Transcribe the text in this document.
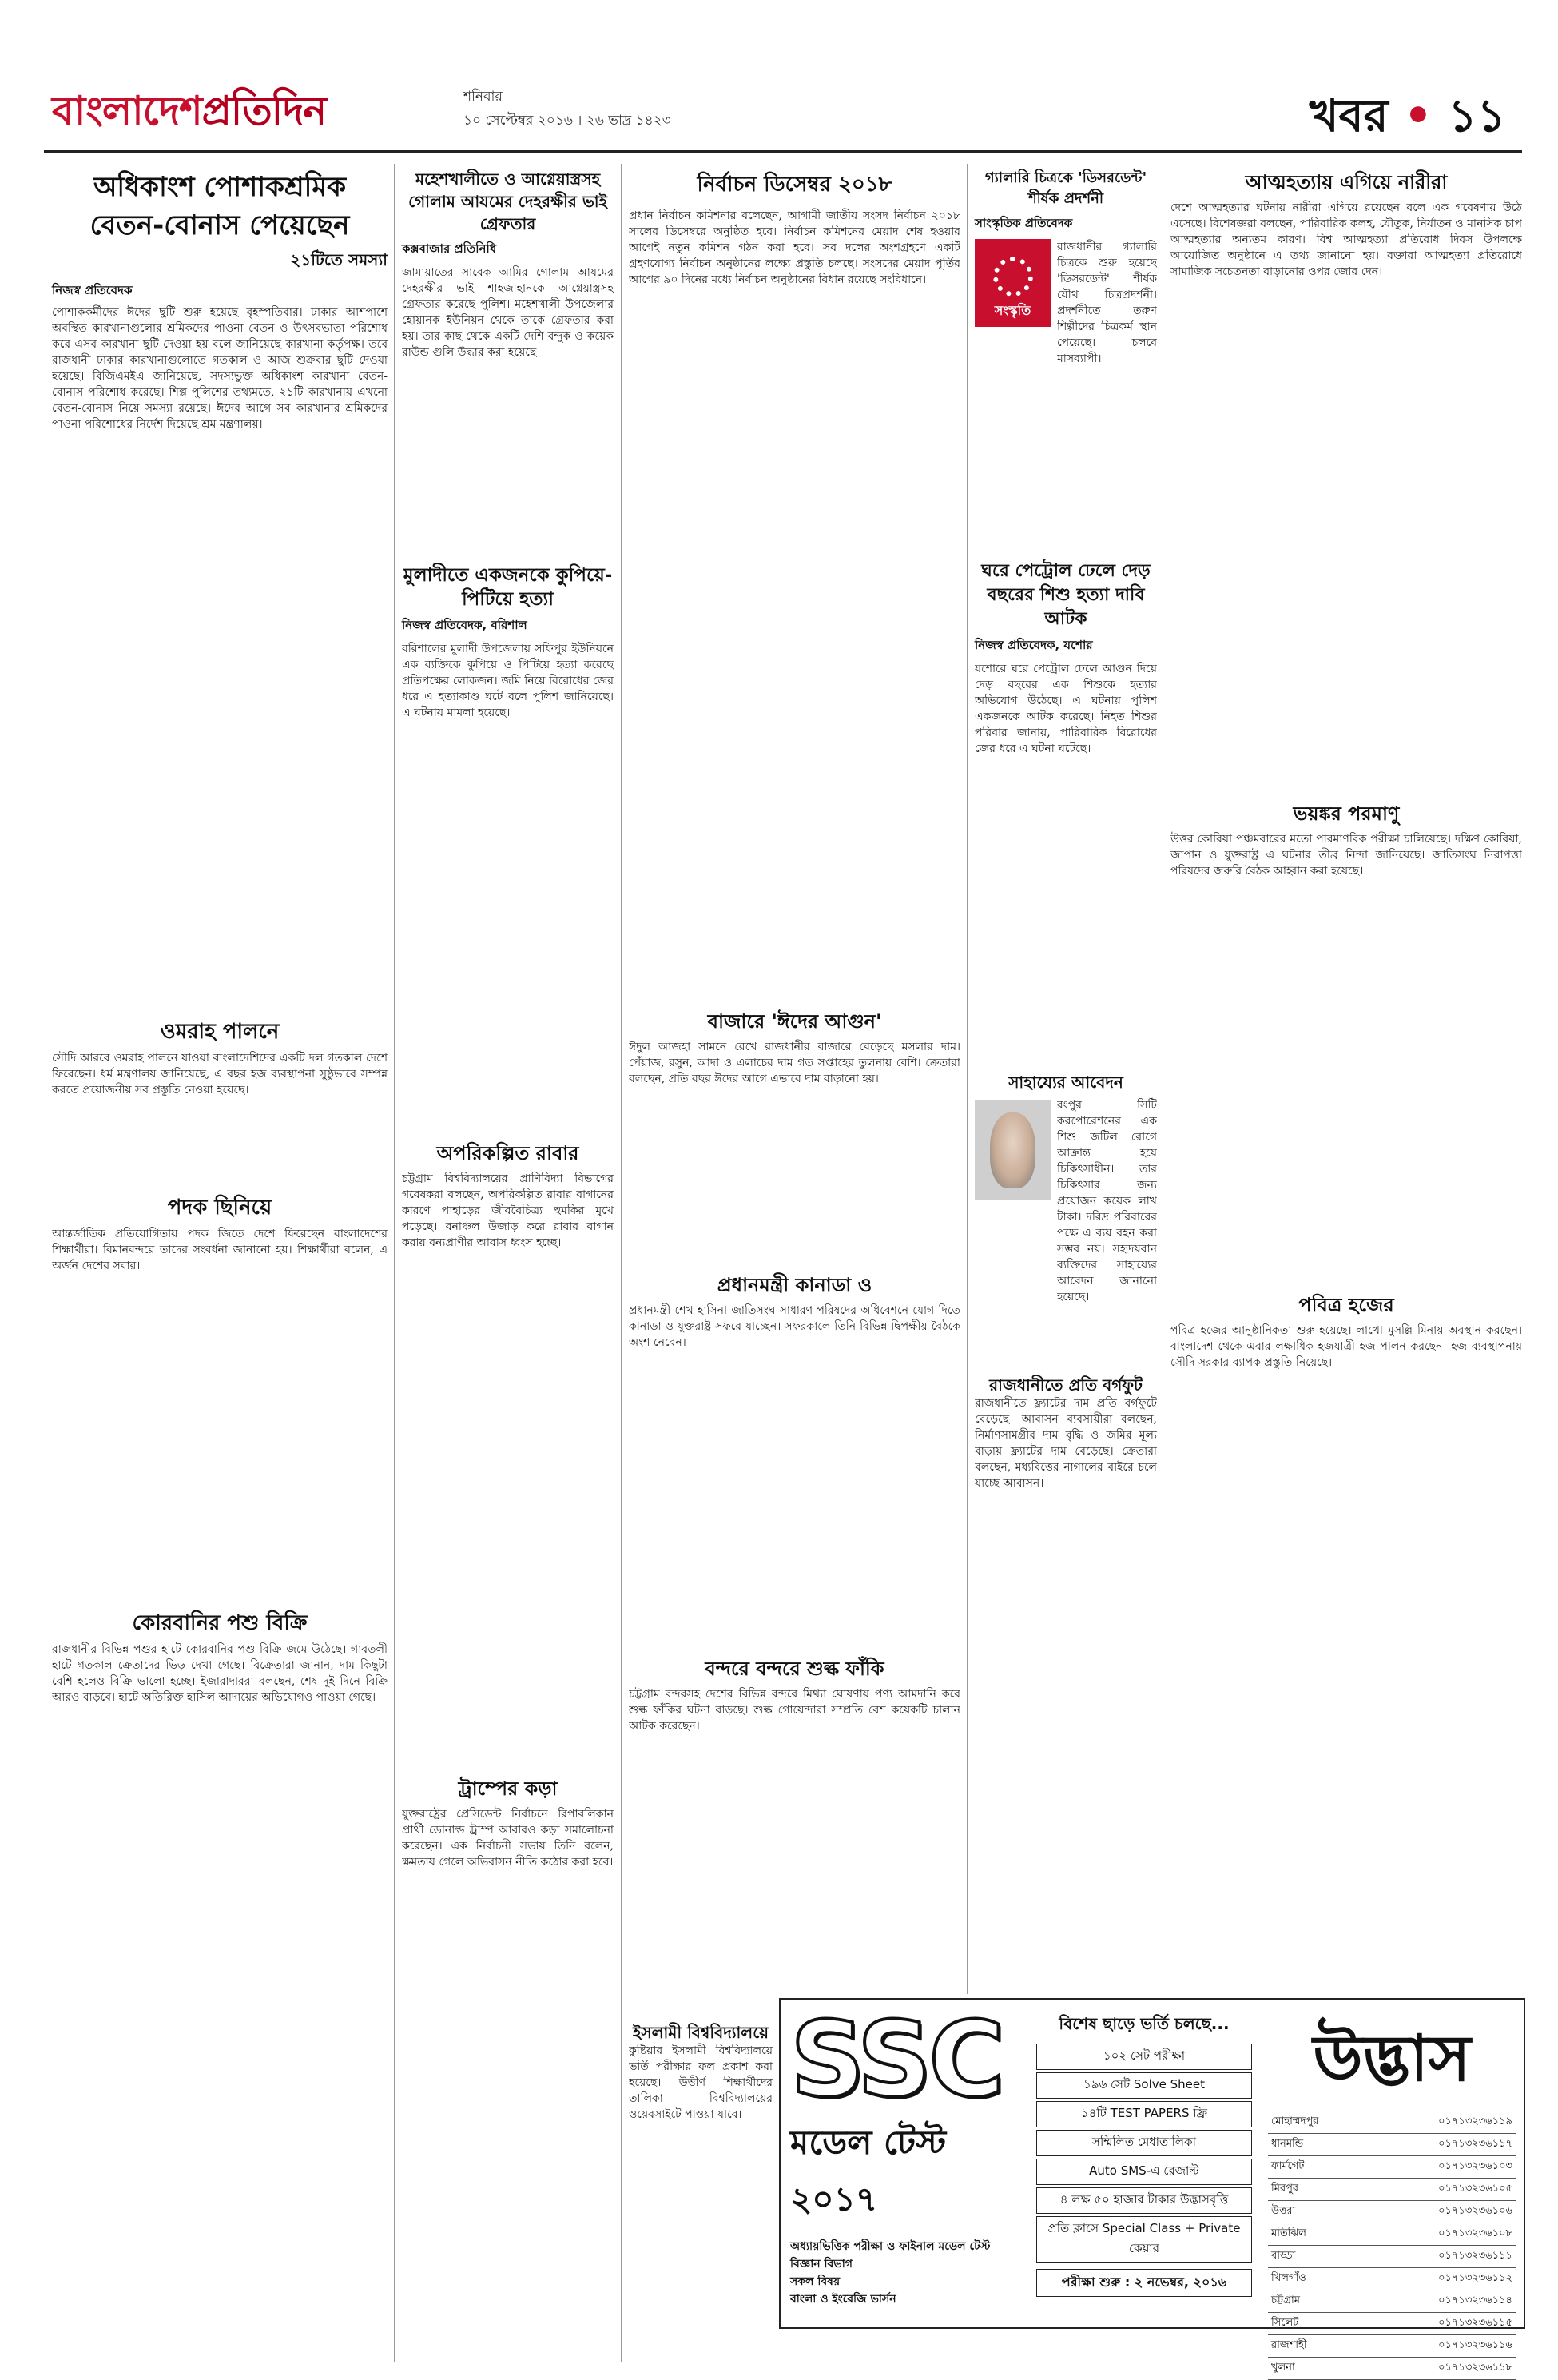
বাংলাদেশপ্রতিদিন	শনিবার
১০ সেপ্টেম্বর ২০১৬ । ২৬ ভাদ্র ১৪২৩	খবর • ১১
অধিকাংশ পোশাকশ্রমিক
বেতন-বোনাস পেয়েছেন
২১টিতে সমস্যা
নিজস্ব প্রতিবেদক
পোশাককর্মীদের ঈদের ছুটি শুরু হয়েছে বৃহস্পতিবার। ঢাকার আশপাশে অবস্থিত কারখানাগুলোর শ্রমিকদের পাওনা বেতন ও উৎসবভাতা পরিশোধ করে এসব কারখানা ছুটি দেওয়া হয় বলে জানিয়েছে কারখানা কর্তৃপক্ষ। তবে রাজধানী ঢাকার কারখানাগুলোতে গতকাল ও আজ শুক্রবার ছুটি দেওয়া হয়েছে। বিজিএমইএ জানিয়েছে, সদস্যভুক্ত অধিকাংশ কারখানা বেতন-বোনাস পরিশোধ করেছে। শিল্প পুলিশের তথ্যমতে, ২১টি কারখানায় এখনো বেতন-বোনাস নিয়ে সমস্যা রয়েছে। ঈদের আগে সব কারখানার শ্রমিকদের পাওনা পরিশোধের নির্দেশ দিয়েছে শ্রম মন্ত্রণালয়।
ওমরাহ পালনে
সৌদি আরবে ওমরাহ পালনে যাওয়া বাংলাদেশিদের একটি দল গতকাল দেশে ফিরেছেন। ধর্ম মন্ত্রণালয় জানিয়েছে, এ বছর হজ ব্যবস্থাপনা সুষ্ঠুভাবে সম্পন্ন করতে প্রয়োজনীয় সব প্রস্তুতি নেওয়া হয়েছে।
পদক ছিনিয়ে
আন্তর্জাতিক প্রতিযোগিতায় পদক জিতে দেশে ফিরেছেন বাংলাদেশের শিক্ষার্থীরা। বিমানবন্দরে তাদের সংবর্ধনা জানানো হয়। শিক্ষার্থীরা বলেন, এ অর্জন দেশের সবার।
কোরবানির পশু বিক্রি
রাজধানীর বিভিন্ন পশুর হাটে কোরবানির পশু বিক্রি জমে উঠেছে। গাবতলী হাটে গতকাল ক্রেতাদের ভিড় দেখা গেছে। বিক্রেতারা জানান, দাম কিছুটা বেশি হলেও বিক্রি ভালো হচ্ছে। ইজারাদাররা বলছেন, শেষ দুই দিনে বিক্রি আরও বাড়বে। হাটে অতিরিক্ত হাসিল আদায়ের অভিযোগও পাওয়া গেছে।
মহেশখালীতে ও আগ্নেয়াস্ত্রসহ গোলাম আযমের দেহরক্ষীর ভাই গ্রেফতার
কক্সবাজার প্রতিনিধি
জামায়াতের সাবেক আমির গোলাম আযমের দেহরক্ষীর ভাই শাহজাহানকে আগ্নেয়াস্ত্রসহ গ্রেফতার করেছে পুলিশ। মহেশখালী উপজেলার হোয়ানক ইউনিয়ন থেকে তাকে গ্রেফতার করা হয়। তার কাছ থেকে একটি দেশি বন্দুক ও কয়েক রাউন্ড গুলি উদ্ধার করা হয়েছে।
মুলাদীতে একজনকে কুপিয়ে-পিটিয়ে হত্যা
নিজস্ব প্রতিবেদক, বরিশাল
বরিশালের মুলাদী উপজেলায় সফিপুর ইউনিয়নে এক ব্যক্তিকে কুপিয়ে ও পিটিয়ে হত্যা করেছে প্রতিপক্ষের লোকজন। জমি নিয়ে বিরোধের জের ধরে এ হত্যাকাণ্ড ঘটে বলে পুলিশ জানিয়েছে। এ ঘটনায় মামলা হয়েছে।
অপরিকল্পিত রাবার
চট্টগ্রাম বিশ্ববিদ্যালয়ের প্রাণিবিদ্যা বিভাগের গবেষকরা বলছেন, অপরিকল্পিত রাবার বাগানের কারণে পাহাড়ের জীববৈচিত্র্য হুমকির মুখে পড়েছে। বনাঞ্চল উজাড় করে রাবার বাগান করায় বন্যপ্রাণীর আবাস ধ্বংস হচ্ছে।
ট্রাম্পের কড়া
যুক্তরাষ্ট্রের প্রেসিডেন্ট নির্বাচনে রিপাবলিকান প্রার্থী ডোনাল্ড ট্রাম্প আবারও কড়া সমালোচনা করেছেন। এক নির্বাচনী সভায় তিনি বলেন, ক্ষমতায় গেলে অভিবাসন নীতি কঠোর করা হবে।
নির্বাচন ডিসেম্বর ২০১৮
প্রধান নির্বাচন কমিশনার বলেছেন, আগামী জাতীয় সংসদ নির্বাচন ২০১৮ সালের ডিসেম্বরে অনুষ্ঠিত হবে। নির্বাচন কমিশনের মেয়াদ শেষ হওয়ার আগেই নতুন কমিশন গঠন করা হবে। সব দলের অংশগ্রহণে একটি গ্রহণযোগ্য নির্বাচন অনুষ্ঠানের লক্ষ্যে প্রস্তুতি চলছে। সংসদের মেয়াদ পূর্তির আগের ৯০ দিনের মধ্যে নির্বাচন অনুষ্ঠানের বিধান রয়েছে সংবিধানে।
বাজারে 'ঈদের আগুন'
ঈদুল আজহা সামনে রেখে রাজধানীর বাজারে বেড়েছে মসলার দাম। পেঁয়াজ, রসুন, আদা ও এলাচের দাম গত সপ্তাহের তুলনায় বেশি। ক্রেতারা বলছেন, প্রতি বছর ঈদের আগে এভাবে দাম বাড়ানো হয়।
প্রধানমন্ত্রী কানাডা ও
প্রধানমন্ত্রী শেখ হাসিনা জাতিসংঘ সাধারণ পরিষদের অধিবেশনে যোগ দিতে কানাডা ও যুক্তরাষ্ট্র সফরে যাচ্ছেন। সফরকালে তিনি বিভিন্ন দ্বিপক্ষীয় বৈঠকে অংশ নেবেন।
বন্দরে বন্দরে শুল্ক ফাঁকি
চট্টগ্রাম বন্দরসহ দেশের বিভিন্ন বন্দরে মিথ্যা ঘোষণায় পণ্য আমদানি করে শুল্ক ফাঁকির ঘটনা বাড়ছে। শুল্ক গোয়েন্দারা সম্প্রতি বেশ কয়েকটি চালান আটক করেছেন।
ইসলামী বিশ্ববিদ্যালয়ে
কুষ্টিয়ার ইসলামী বিশ্ববিদ্যালয়ে ভর্তি পরীক্ষার ফল প্রকাশ করা হয়েছে। উত্তীর্ণ শিক্ষার্থীদের তালিকা বিশ্ববিদ্যালয়ের ওয়েবসাইটে পাওয়া যাবে।
গ্যালারি চিত্রকে 'ডিসরডেন্ট' শীর্ষক প্রদর্শনী
সাংস্কৃতিক প্রতিবেদক
সংস্কৃতি
রাজধানীর গ্যালারি চিত্রকে শুরু হয়েছে 'ডিসরডেন্ট' শীর্ষক যৌথ চিত্রপ্রদর্শনী। প্রদর্শনীতে তরুণ শিল্পীদের চিত্রকর্ম স্থান পেয়েছে। চলবে মাসব্যাপী।
ঘরে পেট্রোল ঢেলে দেড় বছরের শিশু হত্যা দাবি আটক
নিজস্ব প্রতিবেদক, যশোর
যশোরে ঘরে পেট্রোল ঢেলে আগুন দিয়ে দেড় বছরের এক শিশুকে হত্যার অভিযোগ উঠেছে। এ ঘটনায় পুলিশ একজনকে আটক করেছে। নিহত শিশুর পরিবার জানায়, পারিবারিক বিরোধের জের ধরে এ ঘটনা ঘটেছে।
সাহায্যের আবেদন
রংপুর সিটি করপোরেশনের এক শিশু জটিল রোগে আক্রান্ত হয়ে চিকিৎসাধীন। তার চিকিৎসার জন্য প্রয়োজন কয়েক লাখ টাকা। দরিদ্র পরিবারের পক্ষে এ ব্যয় বহন করা সম্ভব নয়। সহৃদয়বান ব্যক্তিদের সাহায্যের আবেদন জানানো হয়েছে।
রাজধানীতে প্রতি বর্গফুট
রাজধানীতে ফ্ল্যাটের দাম প্রতি বর্গফুটে বেড়েছে। আবাসন ব্যবসায়ীরা বলছেন, নির্মাণসামগ্রীর দাম বৃদ্ধি ও জমির মূল্য বাড়ায় ফ্ল্যাটের দাম বেড়েছে। ক্রেতারা বলছেন, মধ্যবিত্তের নাগালের বাইরে চলে যাচ্ছে আবাসন।
আত্মহত্যায় এগিয়ে নারীরা
দেশে আত্মহত্যার ঘটনায় নারীরা এগিয়ে রয়েছেন বলে এক গবেষণায় উঠে এসেছে। বিশেষজ্ঞরা বলছেন, পারিবারিক কলহ, যৌতুক, নির্যাতন ও মানসিক চাপ আত্মহত্যার অন্যতম কারণ। বিশ্ব আত্মহত্যা প্রতিরোধ দিবস উপলক্ষে আয়োজিত অনুষ্ঠানে এ তথ্য জানানো হয়। বক্তারা আত্মহত্যা প্রতিরোধে সামাজিক সচেতনতা বাড়ানোর ওপর জোর দেন।
ভয়ঙ্কর পরমাণু
উত্তর কোরিয়া পঞ্চমবারের মতো পারমাণবিক পরীক্ষা চালিয়েছে। দক্ষিণ কোরিয়া, জাপান ও যুক্তরাষ্ট্র এ ঘটনার তীব্র নিন্দা জানিয়েছে। জাতিসংঘ নিরাপত্তা পরিষদের জরুরি বৈঠক আহ্বান করা হয়েছে।
পবিত্র হজের
পবিত্র হজের আনুষ্ঠানিকতা শুরু হয়েছে। লাখো মুসল্লি মিনায় অবস্থান করছেন। বাংলাদেশ থেকে এবার লক্ষাধিক হজযাত্রী হজ পালন করছেন। হজ ব্যবস্থাপনায় সৌদি সরকার ব্যাপক প্রস্তুতি নিয়েছে।
SSC
মডেল টেস্ট ২০১৭
অধ্যায়ভিত্তিক পরীক্ষা ও ফাইনাল মডেল টেস্ট
বিজ্ঞান বিভাগ
সকল বিষয়
বাংলা ও ইংরেজি ভার্সন
বিশেষ ছাড়ে ভর্তি চলছে...
১০২ সেট পরীক্ষা
১৯৬ সেট Solve Sheet
১৪টি TEST PAPERS ফ্রি
সম্মিলিত মেধাতালিকা
Auto SMS-এ রেজাল্ট
৪ লক্ষ ৫০ হাজার টাকার উদ্ভাসবৃত্তি
প্রতি ক্লাসে Special Class + Private কেয়ার
পরীক্ষা শুরু : ২ নভেম্বর, ২০১৬
উদ্ভাস
মোহাম্মদপুর	০১৭১৩২৩৬১১৯
ধানমন্ডি	০১৭১৩২৩৬১১৭
ফার্মগেট	০১৭১৩২৩৬১০৩
মিরপুর	০১৭১৩২৩৬১০৫
উত্তরা	০১৭১৩২৩৬১০৬
মতিঝিল	০১৭১৩২৩৬১০৮
বাড্ডা	০১৭১৩২৩৬১১১
খিলগাঁও	০১৭১৩২৩৬১১২
চট্টগ্রাম	০১৭১৩২৩৬১১৪
সিলেট	০১৭১৩২৩৬১১৫
রাজশাহী	০১৭১৩২৩৬১১৬
খুলনা	০১৭১৩২৩৬১১৮
